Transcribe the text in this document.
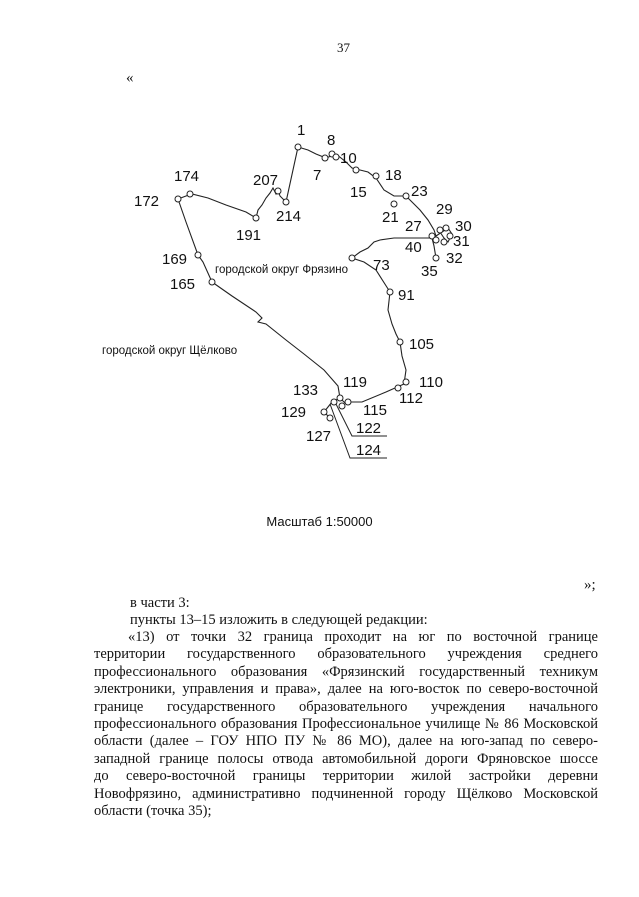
37
«
городской округ Фрязино
городской округ Щёлково
1
8
10
7
15
18
23
21 29
30
27
31
40
32
35
73
91
105
110
112
115
122
124
119
133
129
127
165
169
172
174
191
207
214
Масштаб 1:50000
»;
в части 3:
пункты 13–15 изложить в следующей редакции:
«13) от точки 32 граница проходит на юг по восточной границе
территории государственного образовательного учреждения среднего
профессионального образования «Фрязинский государственный техникум
электроники, управления и права», далее на юго-восток по северо-восточной
границе государственного образовательного учреждения начального
профессионального образования Профессиональное училище № 86 Московской
области (далее – ГОУ НПО ПУ № 86 МО), далее на юго-запад по северо-
западной границе полосы отвода автомобильной дороги Фряновское шоссе
до северо-восточной границы территории жилой застройки деревни
Новофрязино, административно подчиненной городу Щёлково Московской
области (точка 35);
